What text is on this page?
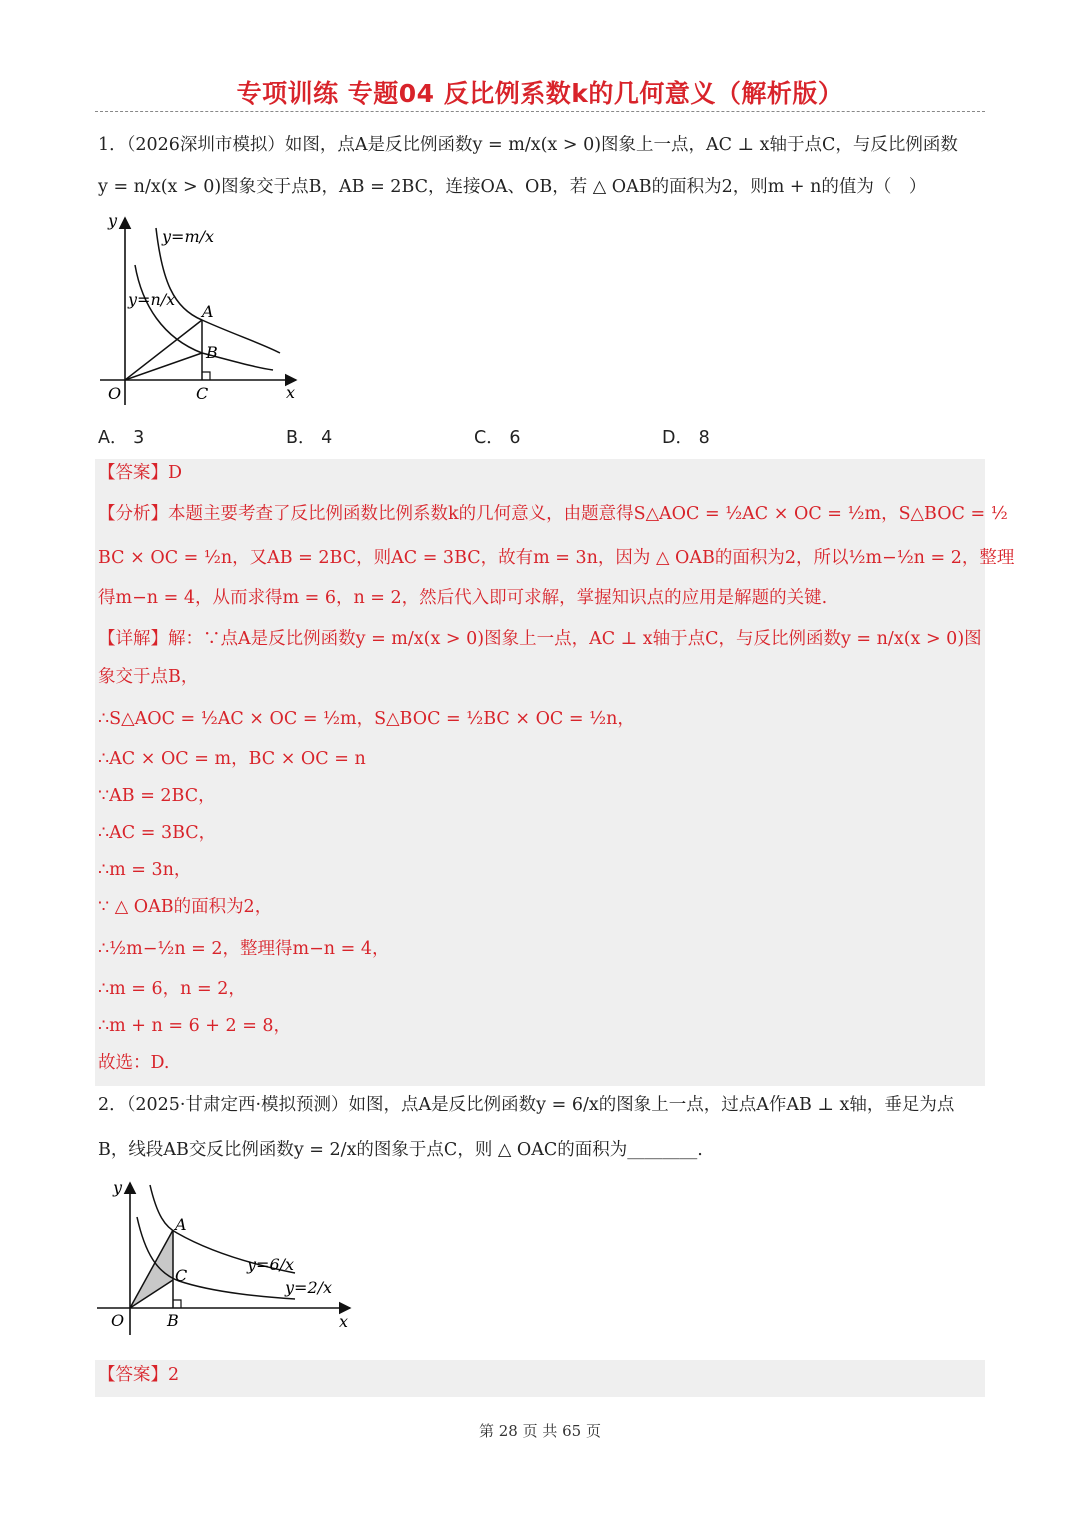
专项训练 专题04 反比例系数k的几何意义（解析版）
1．（2026深圳市模拟）如图，点A是反比例函数y = m/x(x > 0)图象上一点，AC ⊥ x轴于点C，与反比例函数
y = n/x(x > 0)图象交于点B，AB = 2BC，连接OA、OB，若 △ OAB的面积为2，则m + n的值为（　）
y=m/x
y=n/x
A
B
C
O	x
y
A． 3	B． 4	C． 6	D． 8
【答案】D
【分析】本题主要考查了反比例函数比例系数k的几何意义，由题意得S△AOC = ½AC × OC = ½m，S△BOC = ½
BC × OC = ½n，又AB = 2BC，则AC = 3BC，故有m = 3n，因为 △ OAB的面积为2，所以½m−½n = 2，整理
得m−n = 4，从而求得m = 6，n = 2，然后代入即可求解，掌握知识点的应用是解题的关键.
【详解】解：∵点A是反比例函数y = m/x(x > 0)图象上一点，AC ⊥ x轴于点C，与反比例函数y = n/x(x > 0)图
象交于点B，
∴S△AOC = ½AC × OC = ½m，S△BOC = ½BC × OC = ½n，
∴AC × OC = m，BC × OC = n
∵AB = 2BC，
∴AC = 3BC，
∴m = 3n，
∵ △ OAB的面积为2，
∴½m−½n = 2，整理得m−n = 4，
∴m = 6，n = 2，
∴m + n = 6 + 2 = 8，
故选：D.
2．（2025·甘肃定西·模拟预测）如图，点A是反比例函数y = 6/x的图象上一点，过点A作AB ⊥ x轴，垂足为点
B，线段AB交反比例函数y = 2/x的图象于点C，则 △ OAC的面积为________.
A
C
B
O	x
y
y=6/x
y=2/x
【答案】2
第 28 页 共 65 页
